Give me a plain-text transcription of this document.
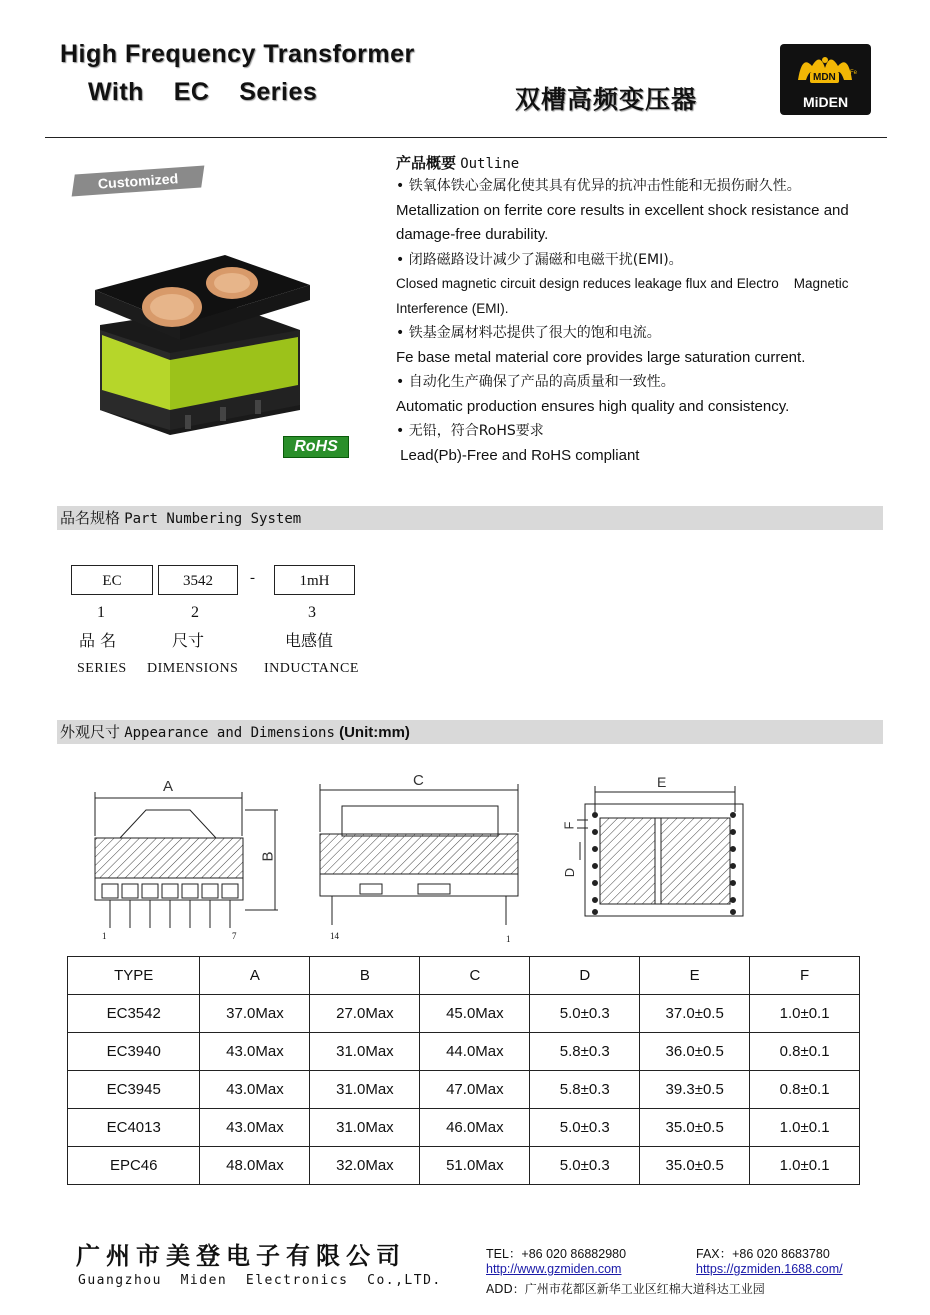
High Frequency Transformer
With    EC    Series	双槽高频变压器
MDN	Fe
MiDEN
Customized
RoHS
产品概要 Outline
• 铁氧体铁心金属化使其具有优异的抗冲击性能和无损伤耐久性。
Metallization on ferrite core results in excellent shock resistance and
damage-free durability.
• 闭路磁路设计减少了漏磁和电磁干扰(EMI)。
Closed magnetic circuit design reduces leakage flux and Electro    Magnetic
Interference (EMI).
• 铁基金属材料芯提供了很大的饱和电流。
Fe base metal material core provides large saturation current.
• 自动化生产确保了产品的高质量和一致性。
Automatic production ensures high quality and consistency.
• 无铅，符合RoHS要求
Lead(Pb)-Free and RoHS compliant
品名规格 Part Numbering System
EC	3542	-	1mH
1	2	3
品 名	尺寸	电感值
SERIES DIMENSIONS INDUCTANCE
外观尺寸 Appearance and Dimensions (Unit:mm)
A
B
C
D
E
F
1	7	14	1
TYPE	A	B	C	D	E	F
EC3542	37.0Max	27.0Max	45.0Max	5.0±0.3	37.0±0.5	1.0±0.1
EC3940	43.0Max	31.0Max	44.0Max	5.8±0.3	36.0±0.5	0.8±0.1
EC3945	43.0Max	31.0Max	47.0Max	5.8±0.3	39.3±0.5	0.8±0.1
EC4013	43.0Max	31.0Max	46.0Max	5.0±0.3	35.0±0.5	1.0±0.1
EPC46	48.0Max	32.0Max	51.0Max	5.0±0.3	35.0±0.5	1.0±0.1
广州市美登电子有限公司
Guangzhou  Miden  Electronics  Co.,LTD.
TEL：+86 020 86882980	FAX：+86 020 8683780
http://www.gzmiden.com	https://gzmiden.1688.com/
ADD：广州市花都区新华工业区红棉大道科达工业园
